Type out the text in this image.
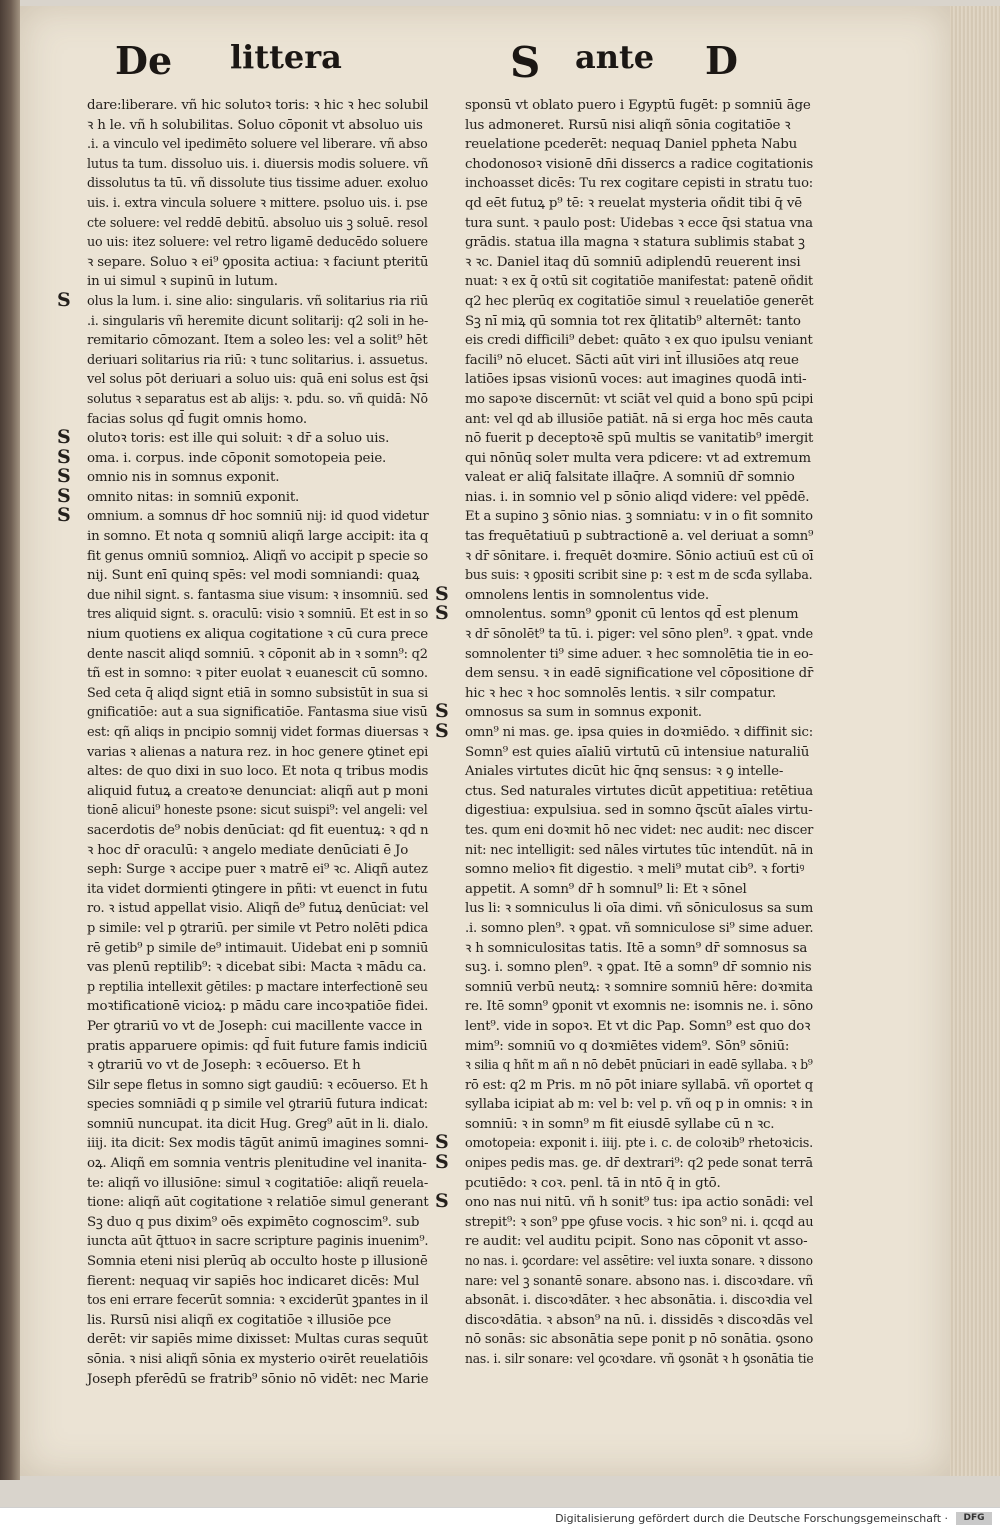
De littera	S ante D
dare:liberare. vñ hic solutoꝛ toris: ꝛ hic ꝛ hec solubil
ꝛ h le. vñ h solubilitas. Soluo cōponit vt absoluo uis
.i. a vinculo vel ipedimēto soluere vel liberare. vñ abso
lutus ta tum. dissoluo uis. i. diuersis modis soluere. vñ
dissolutus ta tū. vñ dissolute tius tissime aduer. exoluo
uis. i. extra vincula soluere ꝛ mittere. psoluo uis. i. pse
cte soluere: vel reddē debitū. absoluo uis ꝫ soluē. resol
uo uis: itez soluere: vel retro ligamē deducēdo soluere
ꝛ separe. Soluo ꝛ ei⁹ ꝯposita actiua: ꝛ faciunt pteritū
in ui simul ꝛ supinū in lutum.
S olus la lum. i. sine alio: singularis. vñ solitarius ria riū
.i. singularis vñ heremite dicunt solitarij: q2 soli in he-
remitario cōmozant. Item a soleo les: vel a solit⁹ hēt
deriuari solitarius ria riū: ꝛ tunc solitarius. i. assuetus.
vel solus pōt deriuari a soluo uis: quā eni solus est q̄si
solutus ꝛ separatus est ab alijs: ꝛ. pdu. so. vñ quidā: Nō
facias solus qd̄ fugit omnis homo.
S olutoꝛ toris: est ille qui soluit: ꝛ dr̄ a soluo uis.
S oma. i. corpus. inde cōponit somotopeia peie.
S omnio nis in somnus exponit.
S omnito nitas: in somniū exponit.
S omnium. a somnus dr̄ hoc somniū nij: id quod videtur
in somno. Et nota q somniū aliqñ large accipit: ita q
fit genus omniū somnioꝝ. Aliqñ vo accipit p specie so
nij. Sunt enī quinq spēs: vel modi somniandi: quaꝝ
due nihil signt. s. fantasma siue visum: ꝛ insomniū. sed
tres aliquid signt. s. oraculū: visio ꝛ somniū. Et est in so
nium quotiens ex aliqua cogitatione ꝛ cū cura prece
dente nascit aliqd somniū. ꝛ cōponit ab in ꝛ somn⁹: q2
tñ est in somno: ꝛ piter euolat ꝛ euanescit cū somno.
Sed ceta q̄ aliqd signt etiā in somno subsistūt in sua si
gnificatiōe: aut a sua significatiōe. Fantasma siue visū
est: qñ aliqs in pncipio somnij videt formas diuersas ꝛ
varias ꝛ alienas a natura rez. in hoc genere ꝯtinet epi
altes: de quo dixi in suo loco. Et nota q tribus modis
aliquid futuꝝ a creatoꝛe denunciat: aliqñ aut p moni
tionē alicui⁹ honeste psone: sicut suispi⁹: vel angeli: vel
sacerdotis de⁹ nobis denūciat: qd fit euentuꝝ: ꝛ qd n
ꝛ hoc dr̄ oraculū: ꝛ angelo mediate denūciati ē Jo
seph: Surge ꝛ accipe puer ꝛ matrē ei⁹ ꝛc. Aliqñ autez
ita videt dormienti ꝯtingere in pñti: vt euenct in futu
ro. ꝛ istud appellat visio. Aliqñ de⁹ futuꝝ denūciat: vel
p simile: vel p ꝯtrariū. per simile vt Petro nolēti pdica
rē getib⁹ p simile de⁹ intimauit. Uidebat eni p somniū
vas plenū reptilib⁹: ꝛ dicebat sibi: Macta ꝛ mādu ca.
p reptilia intellexit gētiles: p mactare interfectionē seu
moꝛtificationē vicioꝝ: p mādu care incoꝛpatiōe fidei.
Per ꝯtrariū vo vt de Joseph: cui macillente vacce in
pratis apparuere opimis: qd̄ fuit future famis indiciū
ꝛ ꝯtrariū vo vt de Joseph: ꝛ ecōuerso. Et h
Silr sepe fletus in somno sigt gaudiū: ꝛ ecōuerso. Et h
species somniādi q p simile vel ꝯtrariū futura indicat:
somniū nuncupat. ita dicit Hug. Greg⁹ aūt in li. dialo.
iiij. ita dicit: Sex modis tāgūt animū imagines somni-
oꝝ. Aliqñ em somnia ventris plenitudine vel inanita-
te: aliqñ vo illusiōne: simul ꝛ cogitatiōe: aliqñ reuela-
tione: aliqñ aūt cogitatione ꝛ relatiōe simul generant
Sꝫ duo q pus dixim⁹ oēs expimēto cognoscim⁹. sub
iuncta aūt q̄ttuoꝛ in sacre scripture paginis inuenim⁹.
Somnia eteni nisi plerūq ab occulto hoste p illusionē
fierent: nequaq vir sapiēs hoc indicaret dicēs: Mul
tos eni errare fecerūt somnia: ꝛ exciderūt ꝫpantes in il
lis. Rursū nisi aliqñ ex cogitatiōe ꝛ illusiōe pce
derēt: vir sapiēs mime dixisset: Multas curas sequūt
sōnia. ꝛ nisi aliqñ sōnia ex mysterio oꝛirēt reuelatiōis
Joseph pferēdū se fratrib⁹ sōnio nō vidēt: nec Marie
sponsū vt oblato puero i Egyptū fugēt: p somniū āge
lus admoneret. Rursū nisi aliqñ sōnia cogitatiōe ꝛ
reuelatione pcederēt: nequaq Daniel ppheta Nabu
chodonosoꝛ visionē dn̄i dissercs a radice cogitationis
inchoasset dicēs: Tu rex cogitare cepisti in stratu tuo:
qd eēt futuꝝ p⁹ tē: ꝛ reuelat mysteria oñdit tibi q̄ vē
tura sunt. ꝛ paulo post: Uidebas ꝛ ecce q̄si statua vna
grādis. statua illa magna ꝛ statura sublimis stabat ꝫ
ꝛ ꝛc. Daniel itaq dū somniū adiplendū reuerent insi
nuat: ꝛ ex q̄ oꝛtū sit cogitatiōe manifestat: patenē oñdit
q2 hec plerūq ex cogitatiōe simul ꝛ reuelatiōe generēt
Sꝫ nī miꝝ qū somnia tot rex q̄litatib⁹ alternēt: tanto
eis credi difficili⁹ debet: quāto ꝛ ex quo ipulsu veniant
facili⁹ nō elucet. Sācti aūt viri int̄ illusiōes atq reue
latiōes ipsas visionū voces: aut imagines quodā inti-
mo sapoꝛe discernūt: vt sciāt vel quid a bono spū pcipi
ant: vel qd ab illusiōe patiāt. nā si erga hoc mēs cauta
nō fuerit p deceptoꝛē spū multis se vanitatib⁹ imergit
qui nōnūq soleт multa vera pdicere: vt ad extremum
valeat er aliq̄ falsitate illaq̄re. A somniū dr̄ somnio
nias. i. in somnio vel p sōnio aliqd videre: vel ppēdē.
Et a supino ꝫ sōnio nias. ꝫ somniatu: v in o fit somnito
tas frequētatiuū p subtractionē a. vel deriuat a somn⁹
ꝛ dr̄ sōnitare. i. frequēt doꝛmire. Sōnio actiuū est cū oī
bus suis: ꝛ ꝯpositi scribit sine p: ꝛ est m de scđa syllaba.
S omnolens lentis in somnolentus vide.
S omnolentus. somn⁹ ꝯponit cū lentos qd̄ est plenum
ꝛ dr̄ sōnolēt⁹ ta tū. i. piger: vel sōno plen⁹. ꝛ ꝯpat. vnde
somnolenter ti⁹ sime aduer. ꝛ hec somnolētia tie in eo-
dem sensu. ꝛ in eadē significatione vel cōpositione dr̄
hic ꝛ hec ꝛ hoc somnolēs lentis. ꝛ silr compatur.
S omnosus sa sum in somnus exponit.
S omn⁹ ni mas. ge. ipsa quies in doꝛmiēdo. ꝛ diffinit sic:
Somn⁹ est quies aīaliū virtutū cū intensiue naturaliū
Aniales virtutes dicūt hic q̄nq sensus: ꝛ ꝯ intelle-
ctus. Sed naturales virtutes dicūt appetitiua: retētiua
digestiua: expulsiua. sed in somno q̄scūt aīales virtu-
tes. qum eni doꝛmit hō nec videt: nec audit: nec discer
nit: nec intelligit: sed nāles virtutes tūc intendūt. nā in
somno melioꝛ fit digestio. ꝛ meli⁹ mutat cib⁹. ꝛ fortiꝰ
appetit. A somn⁹ dr̄ h somnul⁹ li: Et ꝛ sōnel
lus li: ꝛ somniculus li oīa dimi. vñ sōniculosus sa sum
.i. somno plen⁹. ꝛ ꝯpat. vñ somniculose si⁹ sime aduer.
ꝛ h somniculositas tatis. Itē a somn⁹ dr̄ somnosus sa
suꝫ. i. somno plen⁹. ꝛ ꝯpat. Itē a somn⁹ dr̄ somnio nis
somniū verbū neutꝝ: ꝛ somnire somniū hēre: doꝛmita
re. Itē somn⁹ ꝯponit vt exomnis ne: isomnis ne. i. sōno
lent⁹. vide in sopoꝛ. Et vt dic Pap. Somn⁹ est quo doꝛ
mim⁹: somniū vo q doꝛmiētes videm⁹. Sōn⁹ sōniū:
ꝛ silia q hñt m añ n nō debēt pnūciari in eadē syllaba. ꝛ b⁹
rō est: q2 m Pris. m nō pōt iniare syllabā. vñ oportet q
syllaba icipiat ab m: vel b: vel p. vñ oq p in omnis: ꝛ in
somniū: ꝛ in somn⁹ m fit eiusdē syllabe cū n ꝛc.
S omotopeia: exponit i. iiij. pte i. c. de coloꝛib⁹ rhetoꝛicis.
S onipes pedis mas. ge. dr̄ dextrari⁹: q2 pede sonat terrā
pcutiēdo: ꝛ coꝛ. penl. tā in ntō q̄ in gtō.
S ono nas nui nitū. vñ h sonit⁹ tus: ipa actio sonādi: vel
strepit⁹: ꝛ son⁹ ppe ꝯfuse vocis. ꝛ hic son⁹ ni. i. qcqd au
re audit: vel auditu pcipit. Sono nas cōponit vt asso-
no nas. i. ꝯcordare: vel assētire: vel iuxta sonare. ꝛ dissono
nare: vel ꝫ sonantē sonare. absono nas. i. discoꝛdare. vñ
absonāt. i. discoꝛdāter. ꝛ hec absonātia. i. discoꝛdia vel
discoꝛdātia. ꝛ abson⁹ na nū. i. dissidēs ꝛ discoꝛdās vel
nō sonās: sic absonātia sepe ponit p nō sonātia. ꝯsono
nas. i. silr sonare: vel ꝯcoꝛdare. vñ ꝯsonāt ꝛ h ꝯsonātia tie
Digitalisierung gefördert durch die Deutsche Forschungsgemeinschaft ·	DFG
